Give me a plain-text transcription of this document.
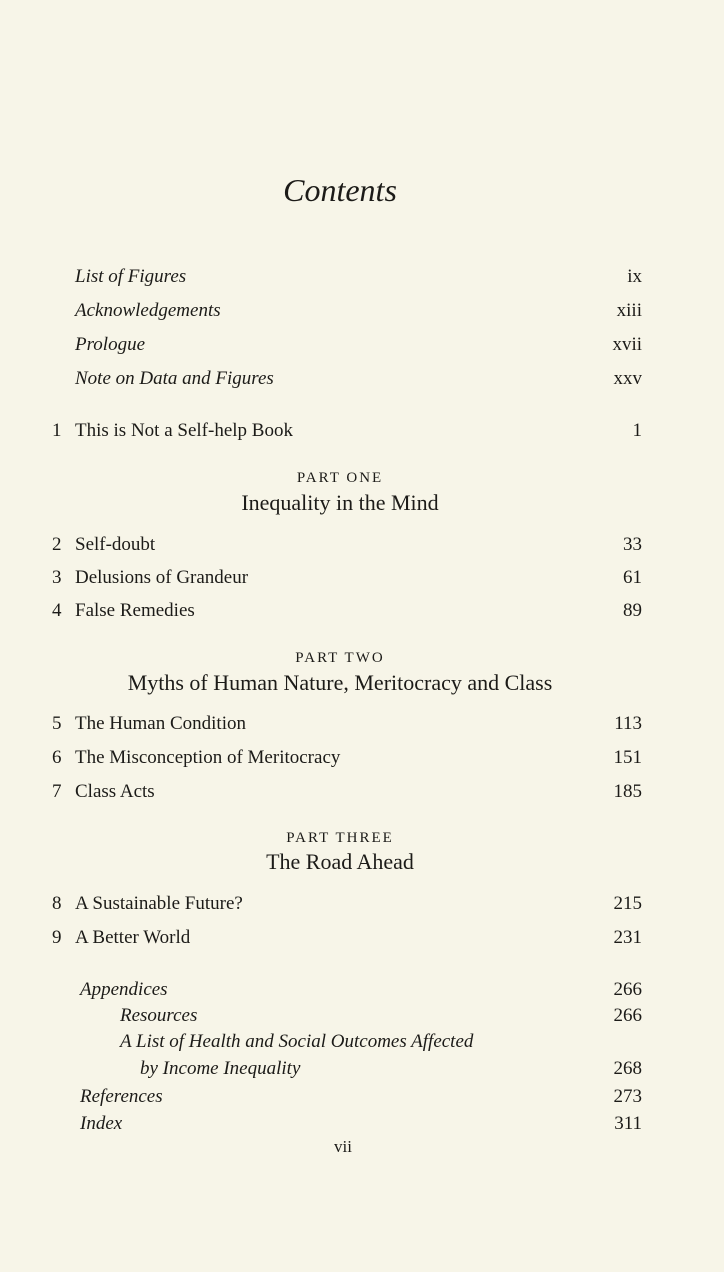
Contents
List of Figures	ix
Acknowledgements	xiii
Prologue	xvii
Note on Data and Figures	xxv
1 This is Not a Self-help Book	1
PART ONE
Inequality in the Mind
2 Self-doubt	33
3 Delusions of Grandeur	61
4 False Remedies	89
PART TWO
Myths of Human Nature, Meritocracy and Class
5 The Human Condition	113
6 The Misconception of Meritocracy	151
7 Class Acts	185
PART THREE
The Road Ahead
8 A Sustainable Future?	215
9 A Better World	231
Appendices	266
Resources	266
A List of Health and Social Outcomes Affected
by Income Inequality	268
References	273
Index	311
vii
